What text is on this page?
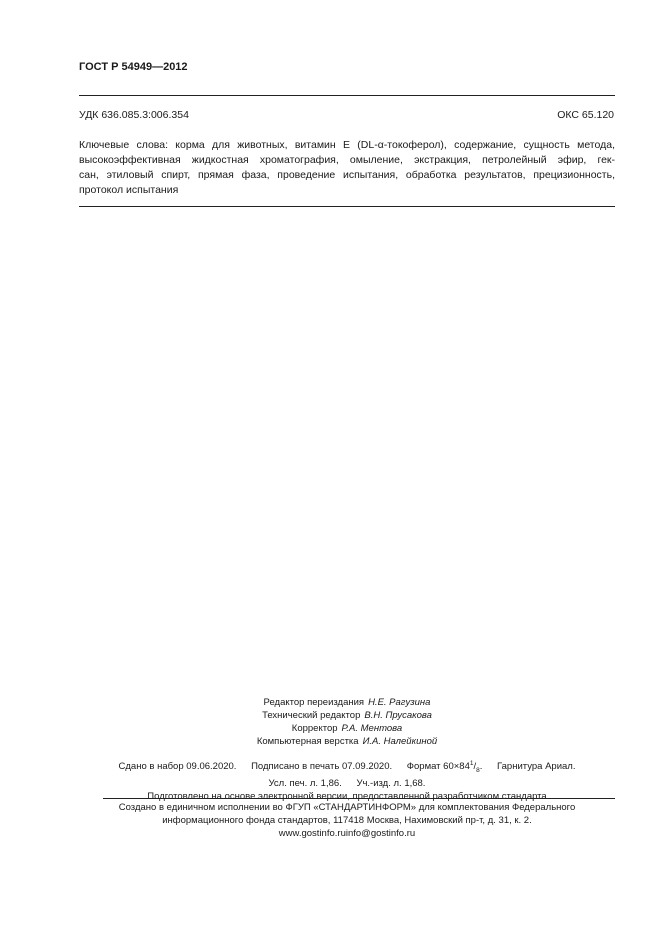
ГОСТ Р 54949—2012
УДК 636.085.3:006.354	ОКС 65.120
Ключевые слова: корма для животных, витамин E (DL-α-токоферол), содержание, сущность метода,
высокоэффективная жидкостная хроматография, омыление, экстракция, петролейный эфир, гек-
сан, этиловый спирт, прямая фаза, проведение испытания, обработка результатов, прецизионность,
протокол испытания
Редактор переиздания Н.Е. Рагузина
Технический редактор В.Н. Прусакова
Корректор Р.А. Ментова
Компьютерная верстка И.А. Налейкиной
Сдано в набор 09.06.2020. Подписано в печать 07.09.2020. Формат $60\times 84^1/_8$. Гарнитура Ариал.
Усл. печ. л. 1,86. Уч.-изд. л. 1,68.
Подготовлено на основе электронной версии, предоставленной разработчиком стандарта
Создано в единичном исполнении во ФГУП «СТАНДАРТИНФОРМ» для комплектования Федерального
информационного фонда стандартов, 117418 Москва, Нахимовский пр-т, д. 31, к. 2.
www.gostinfo.ruinfo@gostinfo.ru
